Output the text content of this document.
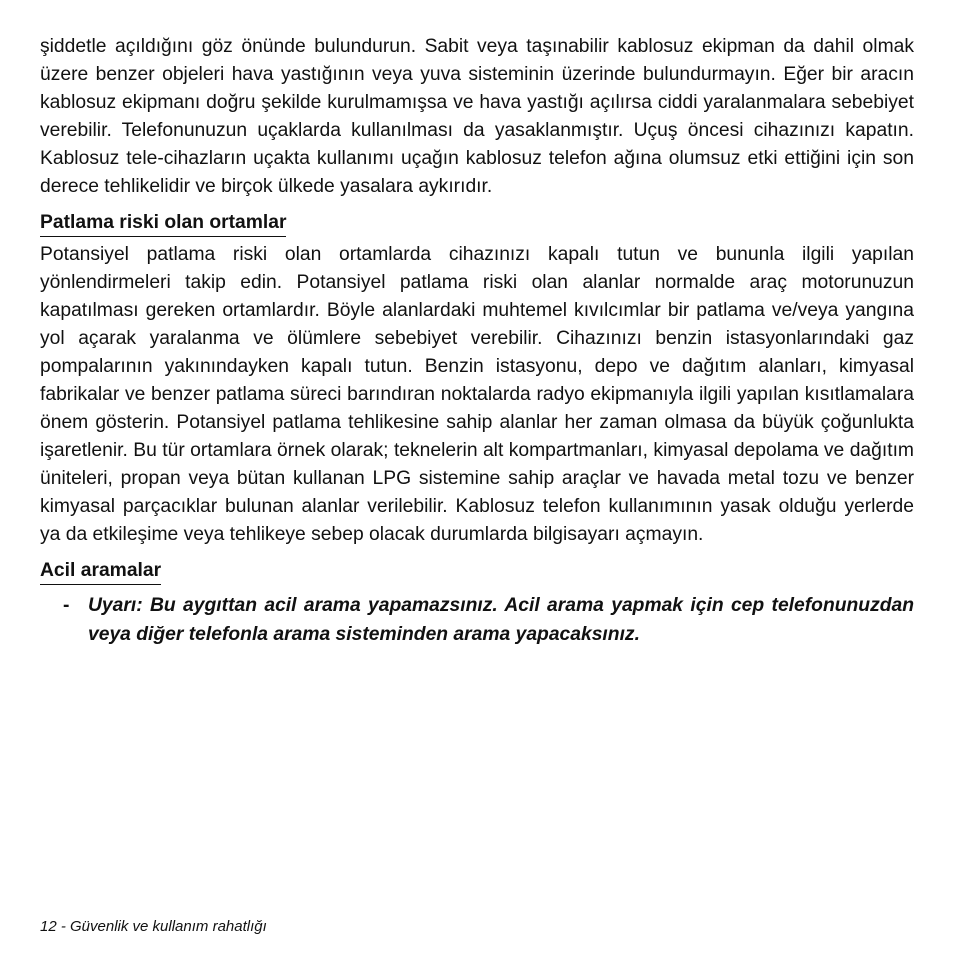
şiddetle açıldığını göz önünde bulundurun. Sabit veya taşınabilir kablosuz ekipman da dahil olmak üzere benzer objeleri hava yastığının veya yuva sisteminin üzerinde bulundurmayın. Eğer bir aracın kablosuz ekipmanı doğru şekilde kurulmamışsa ve hava yastığı açılırsa ciddi yaralanmalara sebebiyet verebilir. Telefonunuzun uçaklarda kullanılması da yasaklanmıştır. Uçuş öncesi cihazınızı kapatın. Kablosuz tele-cihazların uçakta kullanımı uçağın kablosuz telefon ağına olumsuz etki ettiğini için son derece tehlikelidir ve birçok ülkede yasalara aykırıdır.

Patlama riski olan ortamlar

Potansiyel patlama riski olan ortamlarda cihazınızı kapalı tutun ve bununla ilgili yapılan yönlendirmeleri takip edin. Potansiyel patlama riski olan alanlar normalde araç motorunuzun kapatılması gereken ortamlardır. Böyle alanlardaki muhtemel kıvılcımlar bir patlama ve/veya yangına yol açarak yaralanma ve ölümlere sebebiyet verebilir. Cihazınızı benzin istasyonlarındaki gaz pompalarının yakınındayken kapalı tutun. Benzin istasyonu, depo ve dağıtım alanları, kimyasal fabrikalar ve benzer patlama süreci barındıran noktalarda radyo ekipmanıyla ilgili yapılan kısıtlamalara önem gösterin. Potansiyel patlama tehlikesine sahip alanlar her zaman olmasa da büyük çoğunlukta işaretlenir. Bu tür ortamlara örnek olarak; teknelerin alt kompartmanları, kimyasal depolama ve dağıtım üniteleri, propan veya bütan kullanan LPG sistemine sahip araçlar ve havada metal tozu ve benzer kimyasal parçacıklar bulunan alanlar verilebilir. Kablosuz telefon kullanımının yasak olduğu yerlerde ya da etkileşime veya tehlikeye sebep olacak durumlarda bilgisayarı açmayın.

Acil aramalar
- Uyarı: Bu aygıttan acil arama yapamazsınız. Acil arama yapmak için cep telefonunuzdan veya diğer telefonla arama sisteminden arama yapacaksınız.

12 - Güvenlik ve kullanım rahatlığı
